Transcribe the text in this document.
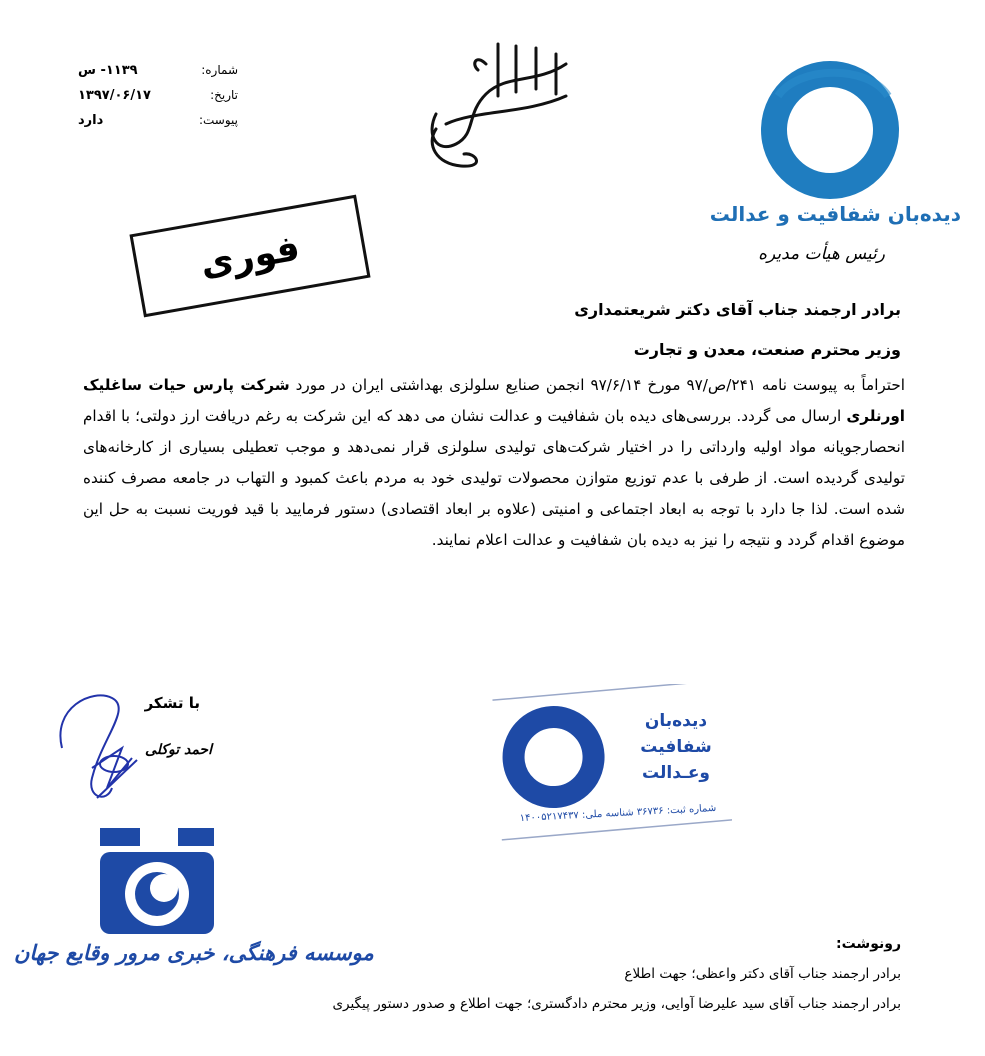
شماره:
۱۱۳۹- س
تاریخ:
۱۳۹۷/۰۶/۱۷
پیوست:
دارد
دیده‌بان شفافیت و عدالت
رئیس هیأت مدیره
فوری
برادر ارجمند جناب آقای دکتر شریعتمداری
وزیر محترم صنعت، معدن و تجارت
احتراماً به پیوست نامه ۲۴۱/ص/۹۷ مورخ ۹۷/۶/۱۴ انجمن صنایع سلولزی بهداشتی ایران در مورد شرکت پارس حیات ساغلیک اورنلری ارسال می گردد. بررسی‌های دیده بان شفافیت و عدالت نشان می دهد که این شرکت به رغم دریافت ارز دولتی؛ با اقدام انحصارجویانه مواد اولیه وارداتی را در اختیار شرکت‌های تولیدی سلولزی قرار نمی‌دهد و موجب تعطیلی بسیاری از کارخانه‌های تولیدی گردیده است. از طرفی با عدم توزیع متوازن محصولات تولیدی خود به مردم باعث کمبود و التهاب در جامعه مصرف کننده شده است. لذا جا دارد با توجه به ابعاد اجتماعی و امنیتی (علاوه بر ابعاد اقتصادی) دستور فرمایید با قید فوریت نسبت به حل این موضوع اقدام گردد و نتیجه را نیز به دیده بان شفافیت و عدالت اعلام نمایند.
با تشکر
احمد توکلی
دیده‌بان
شفافیت
وعـدالت
شماره ثبت: ۳۶۷۳۶ شناسه ملی: ۱۴۰۰۵۲۱۷۴۳۷
موسسه فرهنگی، خبری مرور وقایع جهان	رونوشت:
برادر ارجمند جناب آقای دکتر واعظی؛ جهت اطلاع
برادر ارجمند جناب آقای سید علیرضا آوایی، وزیر محترم دادگستری؛ جهت اطلاع و صدور دستور پیگیری
